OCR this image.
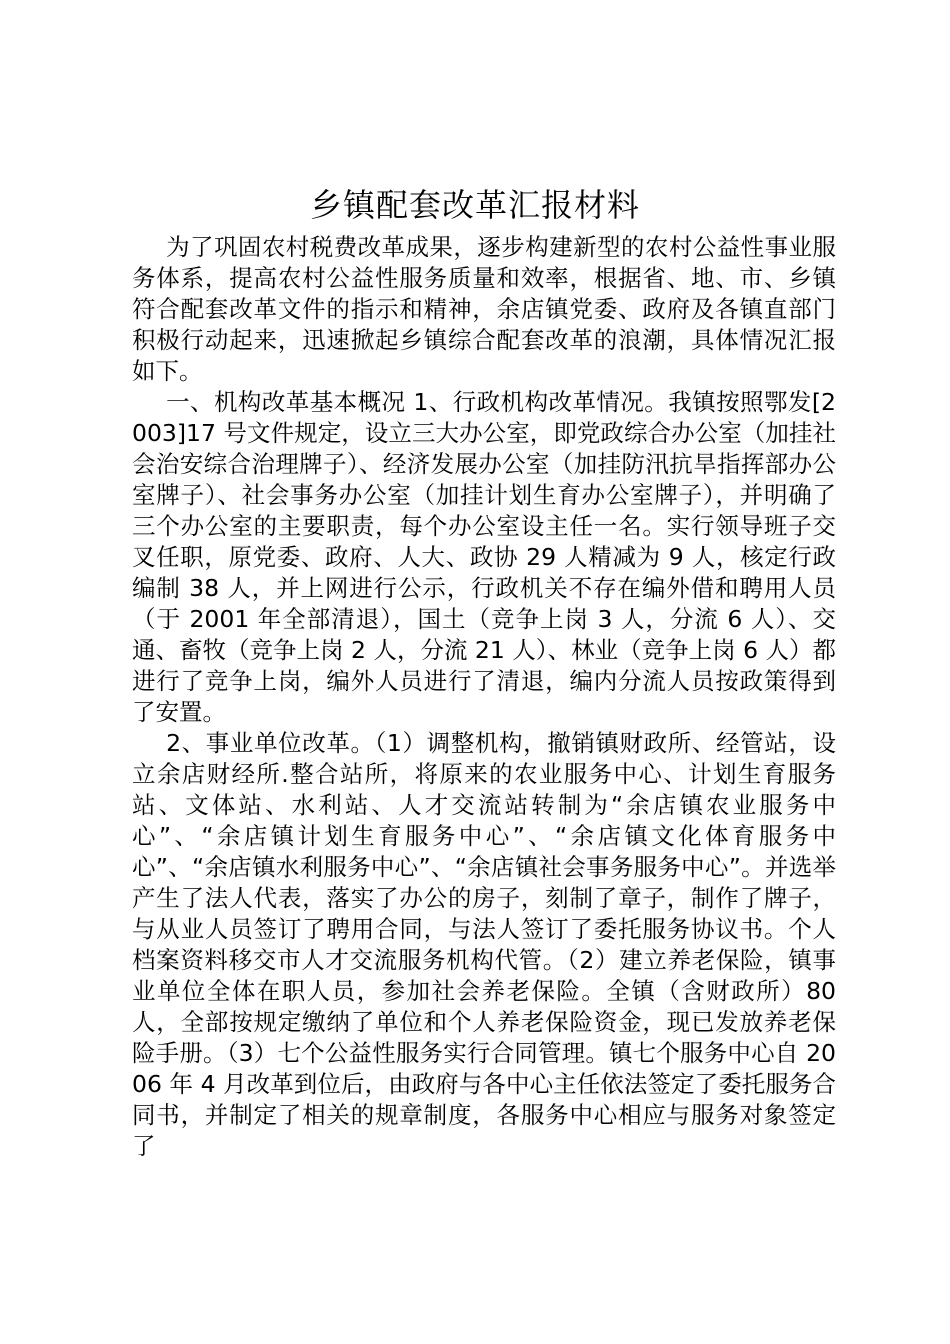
乡镇配套改革汇报材料

为了巩固农村税费改革成果，逐步构建新型的农村公益性事业服务体系，提高农村公益性服务质量和效率，根据省、地、市、乡镇符合配套改革文件的指示和精神，余店镇党委、政府及各镇直部门积极行动起来，迅速掀起乡镇综合配套改革的浪潮，具体情况汇报如下。

一、机构改革基本概况 1、行政机构改革情况。我镇按照鄂发[2003]17 号文件规定，设立三大办公室，即党政综合办公室（加挂社会治安综合治理牌子）、经济发展办公室（加挂防汛抗旱指挥部办公室牌子）、社会事务办公室（加挂计划生育办公室牌子），并明确了三个办公室的主要职责，每个办公室设主任一名。实行领导班子交叉任职，原党委、政府、人大、政协 29 人精减为 9 人，核定行政编制 38 人，并上网进行公示，行政机关不存在编外借和聘用人员（于 2001 年全部清退），国土（竞争上岗 3 人，分流 6 人）、交通、畜牧（竞争上岗 2 人，分流 21 人）、林业（竞争上岗 6 人）都进行了竞争上岗，编外人员进行了清退，编内分流人员按政策得到了安置。

2、事业单位改革。（1）调整机构，撤销镇财政所、经管站，设立余店财经所.整合站所，将原来的农业服务中心、计划生育服务站、文体站、水利站、人才交流站转制为“余店镇农业服务中心”、“余店镇计划生育服务中心”、“余店镇文化体育服务中心”、“余店镇水利服务中心”、“余店镇社会事务服务中心”。并选举产生了法人代表，落实了办公的房子，刻制了章子，制作了牌子，与从业人员签订了聘用合同，与法人签订了委托服务协议书。个人档案资料移交市人才交流服务机构代管。（2）建立养老保险，镇事业单位全体在职人员，参加社会养老保险。全镇（含财政所）80 人，全部按规定缴纳了单位和个人养老保险资金，现已发放养老保险手册。（3）七个公益性服务实行合同管理。镇七个服务中心自 2006 年 4 月改革到位后，由政府与各中心主任依法签定了委托服务合同书，并制定了相关的规章制度，各服务中心相应与服务对象签定了
